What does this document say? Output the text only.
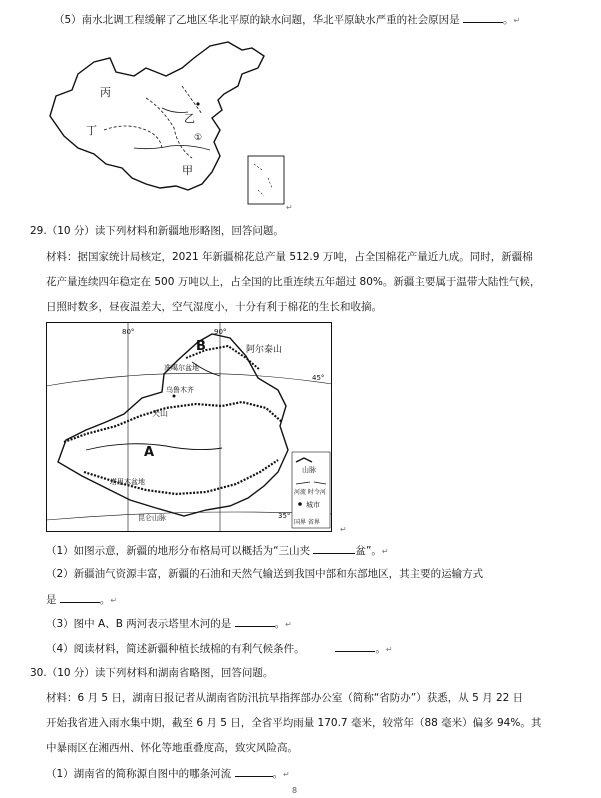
（5）南水北调工程缓解了乙地区华北平原的缺水问题，华北平原缺水严重的社会原因是	。↵
丙
乙
丁
甲
①
↵
29.（10 分）读下列材料和新疆地形略图，回答问题。
材料：据国家统计局核定，2021 年新疆棉花总产量 512.9 万吨，占全国棉花产量近九成。同时，新疆棉
花产量连续四年稳定在 500 万吨以上，占全国的比重连续五年超过 80%。新疆主要属于温带大陆性气候，
日照时数多，昼夜温差大，空气湿度小，十分有利于棉花的生长和收摘。
80°	90°
45°
35°
阿尔泰山
准噶尔盆地
B
乌鲁木齐
天山
A
塔里木盆地
昆仑山脉
山脉
河流 时令河
城市
国界 省界
↵
（1）如图示意，新疆的地形分布格局可以概括为“三山夹	盆”。↵
（2）新疆油气资源丰富，新疆的石油和天然气输送到我国中部和东部地区，其主要的运输方式
是	。↵
（3）图中 A、B 两河表示塔里木河的是	。↵
（4）阅读材料，简述新疆种植长绒棉的有利气候条件。	。↵
30.（10 分）读下列材料和湖南省略图，回答问题。
材料：6 月 5 日，湖南日报记者从湖南省防汛抗旱指挥部办公室（简称“省防办”）获悉，从 5 月 22 日
开始我省进入雨水集中期，截至 6 月 5 日，全省平均雨量 170.7 毫米，较常年（88 毫米）偏多 94%。其
中暴雨区在湘西州、怀化等地重叠度高，致灾风险高。
（1）湖南省的简称源自图中的哪条河流	。↵
8
